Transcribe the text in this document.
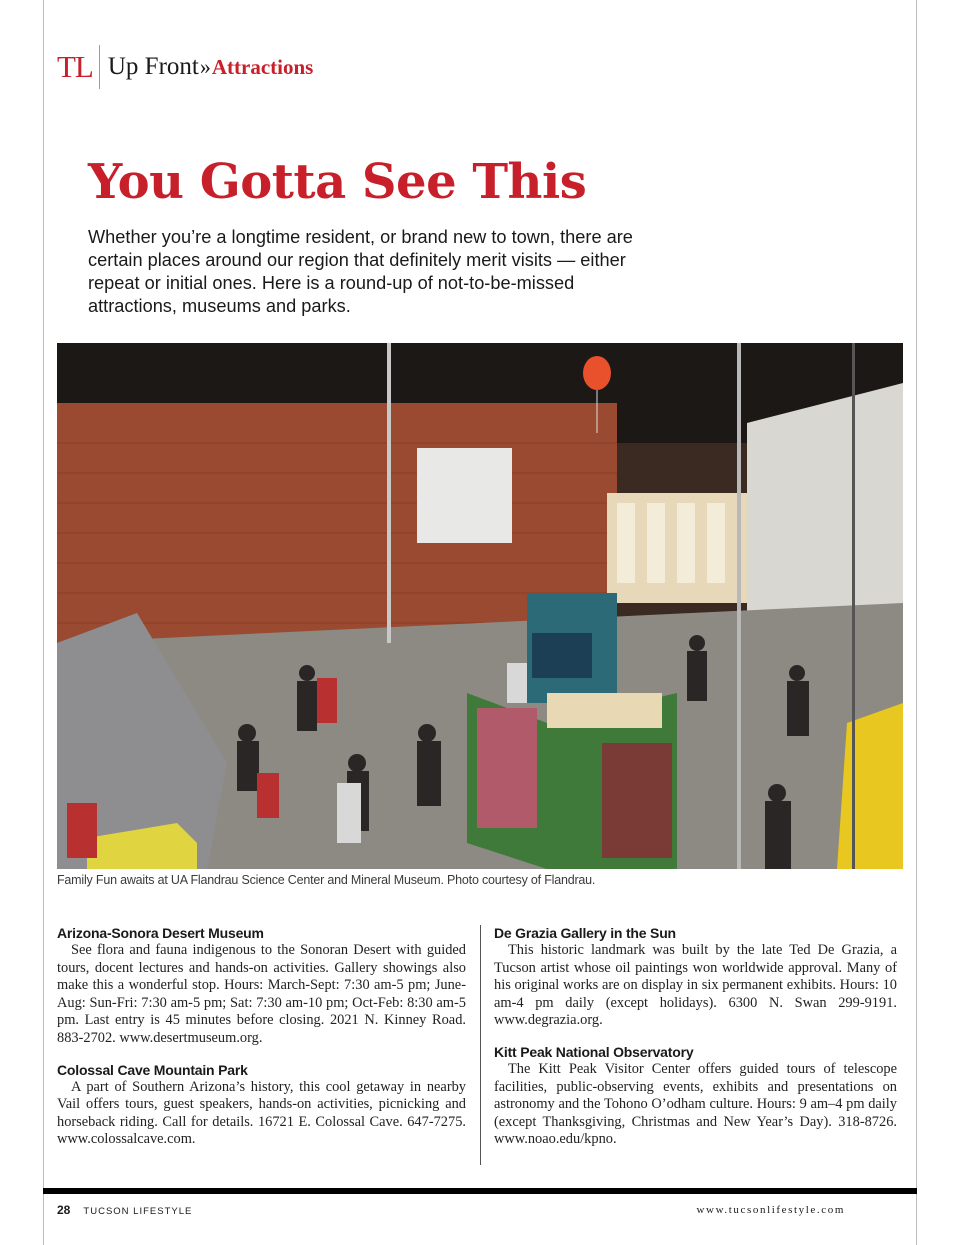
TL Up Front » Attractions
You Gotta See This

Whether you’re a longtime resident, or brand new to town, there are certain places around our region that definitely merit visits — either repeat or initial ones. Here is a round-up of not-to-be-missed attractions, museums and parks.

Family Fun awaits at UA Flandrau Science Center and Mineral Museum. Photo courtesy of Flandrau.
Arizona-Sonora Desert Museum

See flora and fauna indigenous to the Sonoran Desert with guided tours, docent lectures and hands-on activities. Gallery showings also make this a wonderful stop. Hours: March-Sept: 7:30 am-5 pm; June-Aug: Sun-Fri: 7:30 am-5 pm; Sat: 7:30 am-10 pm; Oct-Feb: 8:30 am-5 pm. Last entry is 45 minutes before closing. 2021 N. Kinney Road. 883-2702. www.desertmuseum.org.

Colossal Cave Mountain Park

A part of Southern Arizona’s history, this cool getaway in nearby Vail offers tours, guest speakers, hands-on activities, picnicking and horseback riding. Call for details. 16721 E. Colossal Cave. 647-7275. www.colossalcave.com.

De Grazia Gallery in the Sun

This historic landmark was built by the late Ted De Grazia, a Tucson artist whose oil paintings won worldwide approval. Many of his original works are on display in six permanent exhibits. Hours: 10 am-4 pm daily (except holidays). 6300 N. Swan 299-9191. www.degrazia.org.

Kitt Peak National Observatory

The Kitt Peak Visitor Center offers guided tours of telescope facilities, public-observing events, exhibits and presentations on astronomy and the Tohono O’odham culture. Hours: 9 am–4 pm daily (except Thanksgiving, Christmas and New Year’s Day). 318-8726. www.noao.edu/kpno.

28 TUCSON LIFESTYLE	www.tucsonlifestyle.com
